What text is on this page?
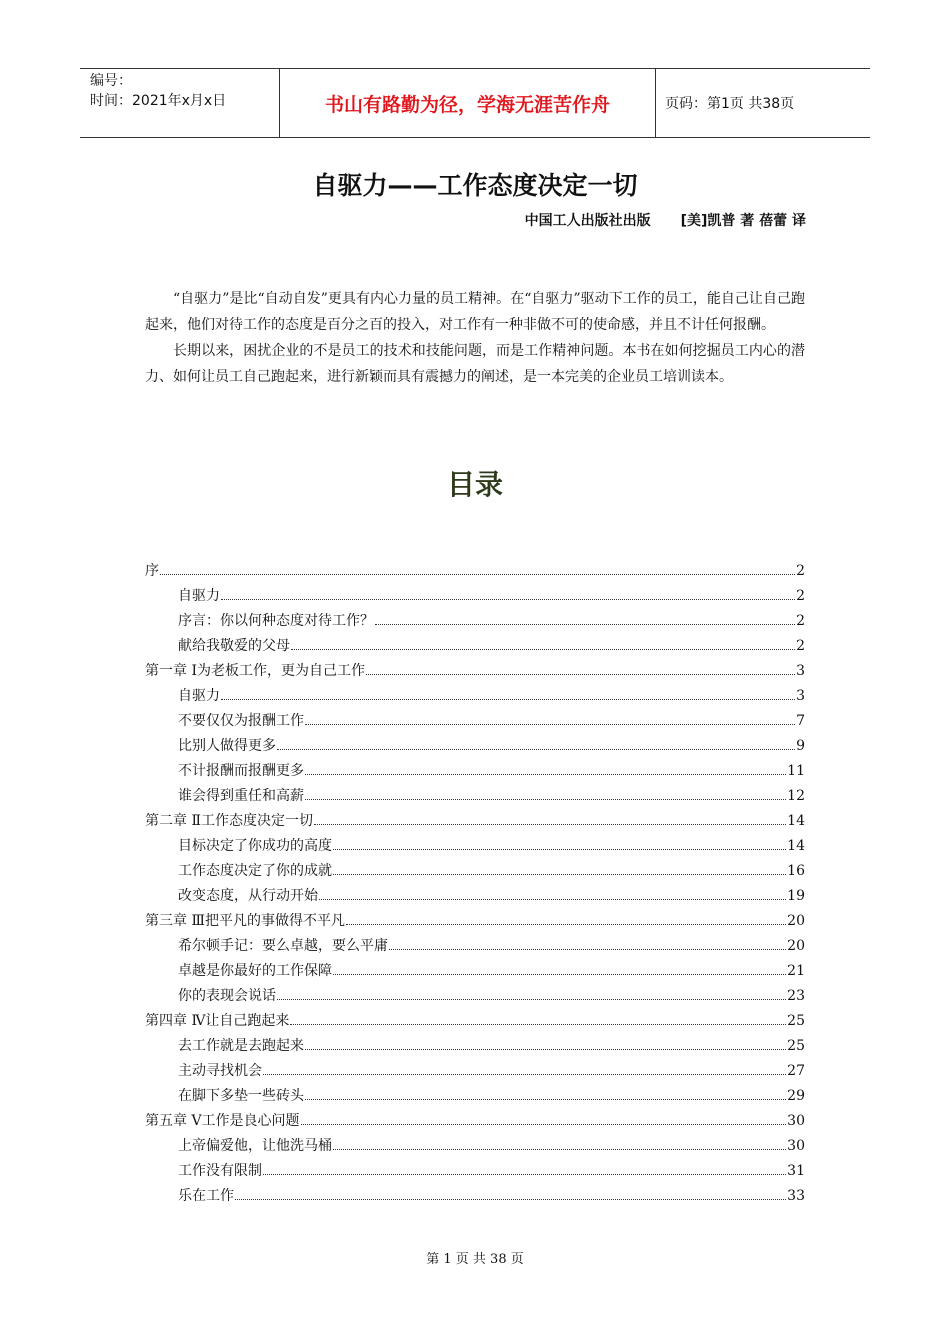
编号：
时间：2021年x月x日	书山有路勤为径，学海无涯苦作舟	页码：第1页 共38页
自驱力——工作态度决定一切
中国工人出版社出版 [美]凯普 著 蓓蕾 译

“自驱力”是比“自动自发”更具有内心力量的员工精神。在“自驱力”驱动下工作的员工，能自己让自己跑起来，他们对待工作的态度是百分之百的投入，对工作有一种非做不可的使命感，并且不计任何报酬。

长期以来，困扰企业的不是员工的技术和技能问题，而是工作精神问题。本书在如何挖掘员工内心的潜力、如何让员工自己跑起来，进行新颖而具有震撼力的阐述，是一本完美的企业员工培训读本。

目录
序	2
自驱力	2
序言：你以何种态度对待工作？	2
献给我敬爱的父母	2
第一章 Ⅰ为老板工作，更为自己工作	3
自驱力	3
不要仅仅为报酬工作	7
比别人做得更多	9
不计报酬而报酬更多	11
谁会得到重任和高薪	12
第二章 Ⅱ工作态度决定一切	14
目标决定了你成功的高度	14
工作态度决定了你的成就	16
改变态度，从行动开始	19
第三章 Ⅲ把平凡的事做得不平凡	20
希尔顿手记：要么卓越，要么平庸	20
卓越是你最好的工作保障	21
你的表现会说话	23
第四章 Ⅳ让自己跑起来	25
去工作就是去跑起来	25
主动寻找机会	27
在脚下多垫一些砖头	29
第五章 Ⅴ工作是良心问题	30
上帝偏爱他，让他洗马桶	30
工作没有限制	31
乐在工作	33
第 1 页 共 38 页
